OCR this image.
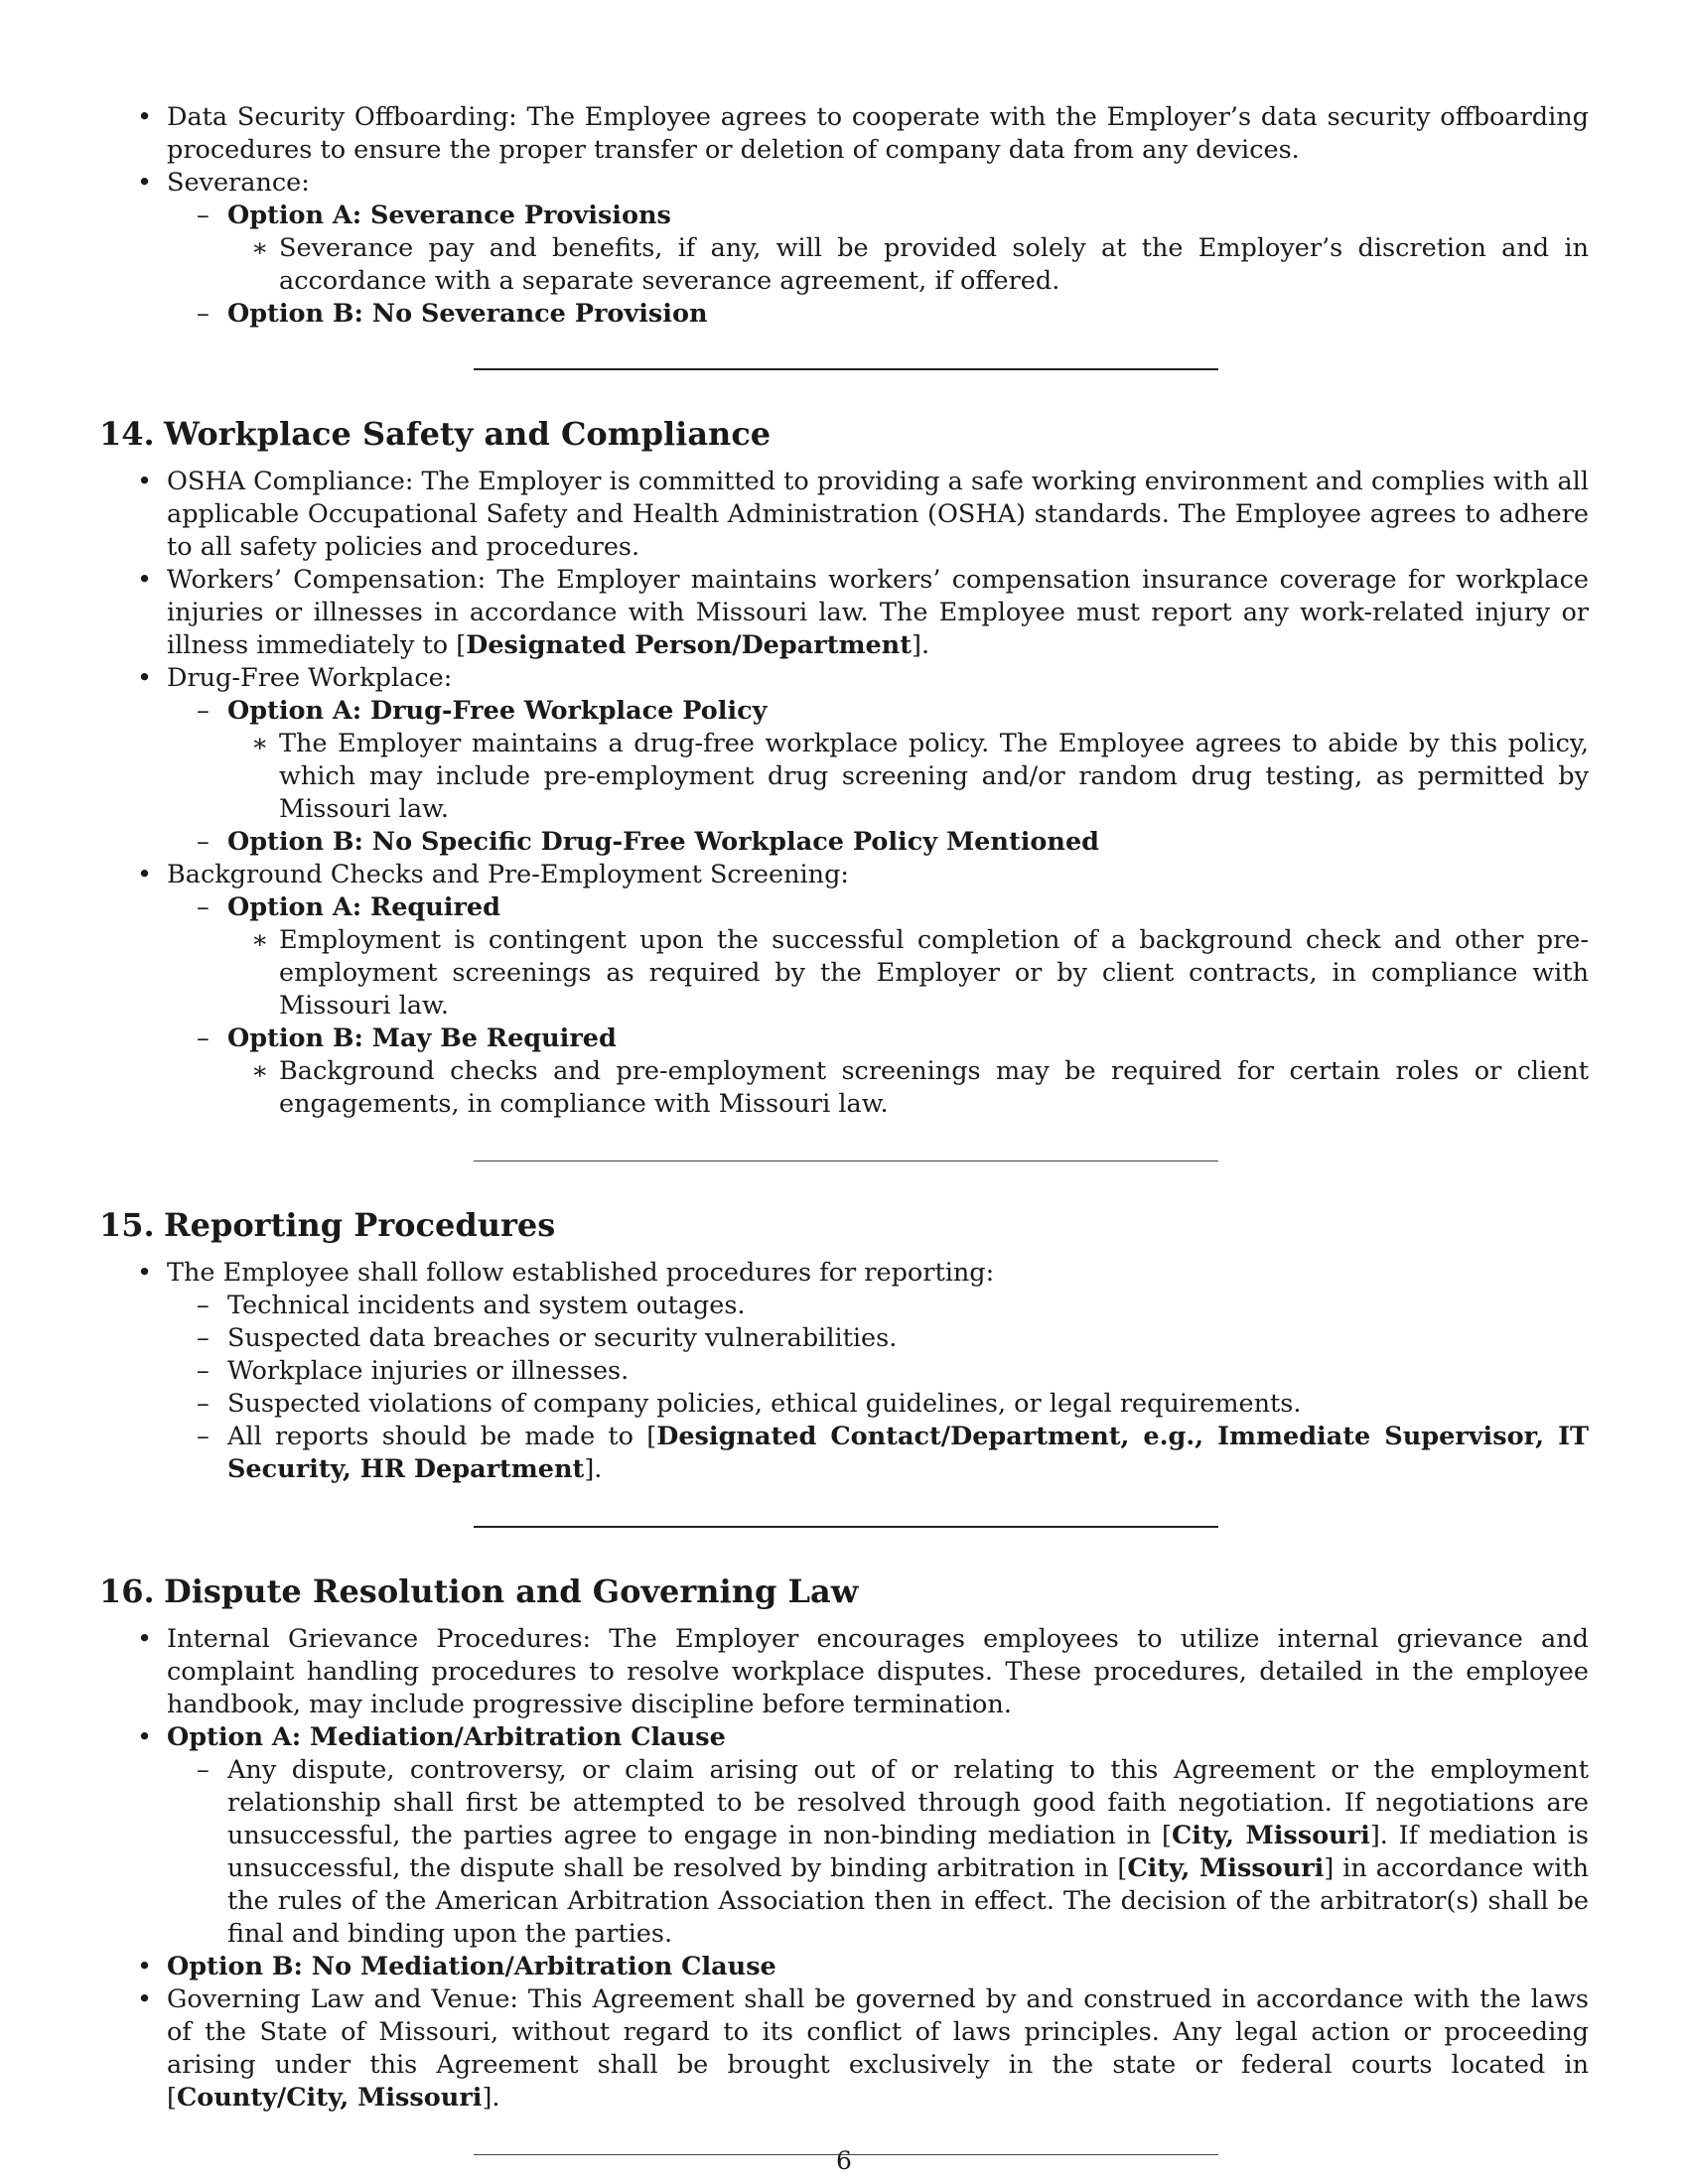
• Data Security Offboarding: The Employee agrees to cooperate with the Employer’s data security offboarding procedures to ensure the proper transfer or deletion of company data from any devices.
• Severance:
– Option A: Severance Provisions
∗ Severance pay and benefits, if any, will be provided solely at the Employer’s discretion and in accordance with a separate severance agreement, if offered.
– Option B: No Severance Provision
14. Workplace Safety and Compliance
• OSHA Compliance: The Employer is committed to providing a safe working environment and complies with all applicable Occupational Safety and Health Administration (OSHA) standards. The Employee agrees to adhere to all safety policies and procedures.
• Workers’ Compensation: The Employer maintains workers’ compensation insurance coverage for workplace injuries or illnesses in accordance with Missouri law. The Employee must report any work-related injury or illness immediately to [Designated Person/Department].
• Drug-Free Workplace:
– Option A: Drug-Free Workplace Policy
∗ The Employer maintains a drug-free workplace policy. The Employee agrees to abide by this policy, which may include pre-employment drug screening and/or random drug testing, as permitted by Missouri law.
– Option B: No Specific Drug-Free Workplace Policy Mentioned
• Background Checks and Pre-Employment Screening:
– Option A: Required
∗ Employment is contingent upon the successful completion of a background check and other pre-employment screenings as required by the Employer or by client contracts, in compliance with Missouri law.
– Option B: May Be Required
∗ Background checks and pre-employment screenings may be required for certain roles or client engagements, in compliance with Missouri law.
15. Reporting Procedures
• The Employee shall follow established procedures for reporting:
– Technical incidents and system outages.
– Suspected data breaches or security vulnerabilities.
– Workplace injuries or illnesses.
– Suspected violations of company policies, ethical guidelines, or legal requirements.
– All reports should be made to [Designated Contact/Department, e.g., Immediate Supervisor, IT Security, HR Department].
16. Dispute Resolution and Governing Law
• Internal Grievance Procedures: The Employer encourages employees to utilize internal grievance and complaint handling procedures to resolve workplace disputes. These procedures, detailed in the employee handbook, may include progressive discipline before termination.
• Option A: Mediation/Arbitration Clause
– Any dispute, controversy, or claim arising out of or relating to this Agreement or the employment relationship shall first be attempted to be resolved through good faith negotiation. If negotiations are unsuccessful, the parties agree to engage in non-binding mediation in [City, Missouri]. If mediation is unsuccessful, the dispute shall be resolved by binding arbitration in [City, Missouri] in accordance with the rules of the American Arbitration Association then in effect. The decision of the arbitrator(s) shall be final and binding upon the parties.
• Option B: No Mediation/Arbitration Clause
• Governing Law and Venue: This Agreement shall be governed by and construed in accordance with the laws of the State of Missouri, without regard to its conflict of laws principles. Any legal action or proceeding arising under this Agreement shall be brought exclusively in the state or federal courts located in [County/City, Missouri].
6
